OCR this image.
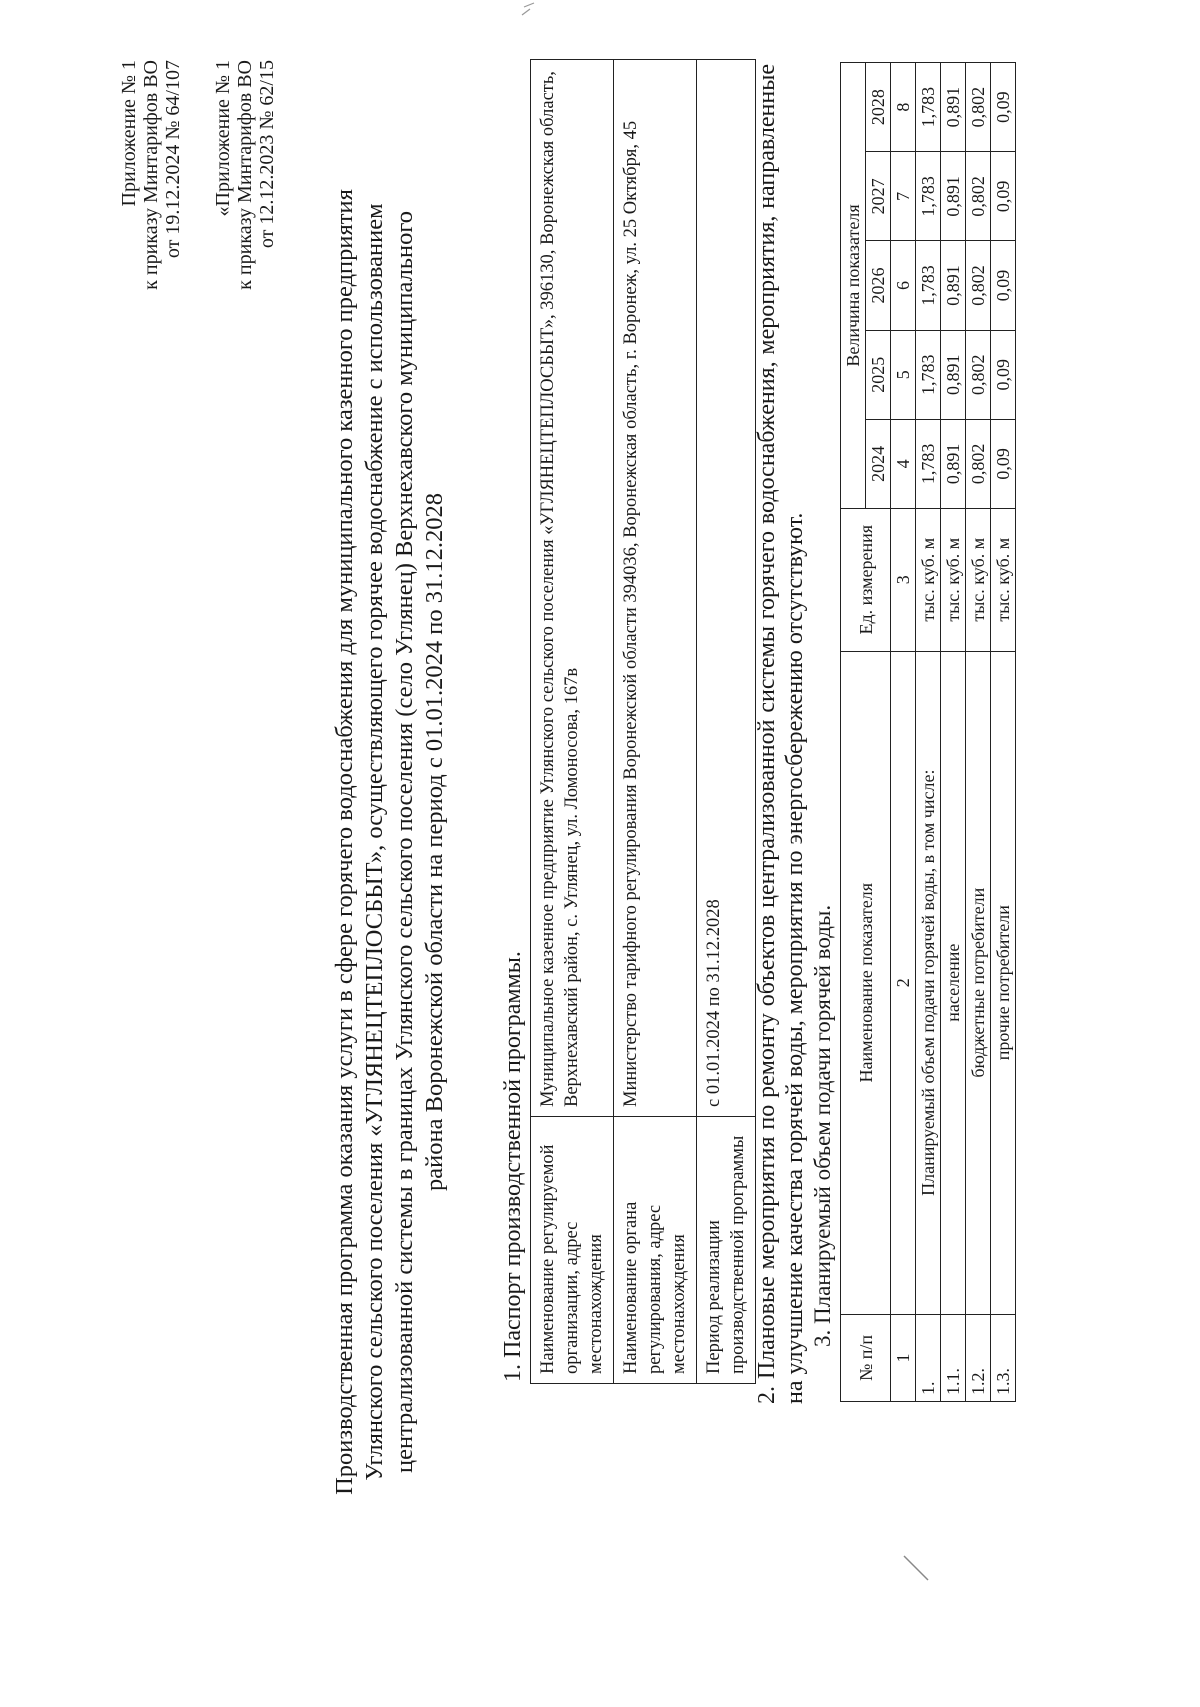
Приложение № 1 к приказу Минтарифов ВО от 19.12.2024 № 64/107 «Приложение № 1 к приказу Минтарифов ВО от 12.12.2023 № 62/15
Производственная программа оказания услуги в сфере горячего водоснабжения для муниципального казенного предприятия Углянского сельского поселения «УГЛЯНЕЦТЕПЛОСБЫТ», осуществляющего горячее водоснабжение с использованием централизованной системы в границах Углянского сельского поселения (село Углянец) Верхнехавского муниципального района Воронежской области на период с 01.01.2024 по 31.12.2028 1. Паспорт производственной программы. Наименование регулируемой организации, адрес местонахождения	Муниципальное казенное предприятие Углянского сельского поселения «УГЛЯНЕЦТЕПЛОСБЫТ», 396130, Воронежская область, Верхнехавский район, с. Углянец, ул. Ломоносова, 167в
Наименование органа регулирования, адрес местонахождения	Министерство тарифного регулирования Воронежской области 394036, Воронежская область, г. Воронеж, ул. 25 Октября, 45
Период реализации производственной программы	с 01.01.2024 по 31.12.2028 2. Плановые мероприятия по ремонту объектов централизованной системы горячего водоснабжения, мероприятия, направленные на улучшение качества горячей воды, мероприятия по энергосбережению отсутствуют. 3. Планируемый объем подачи горячей воды.
№ п/п	Наименование показателя	Ед. измерения	Величина показателя				
			2024	2025	2026	2027	2028
1	2	3	4	5	6	7	8
1.	Планируемый объем подачи горячей воды, в том числе:	тыс. куб. м	1,783	1,783	1,783	1,783	1,783
1.1.	население	тыс. куб. м	0,891	0,891	0,891	0,891	0,891
1.2.	бюджетные потребители	тыс. куб. м	0,802	0,802	0,802	0,802	0,802
1.3.	прочие потребители	тыс. куб. м	0,09	0,09	0,09	0,09	0,09
